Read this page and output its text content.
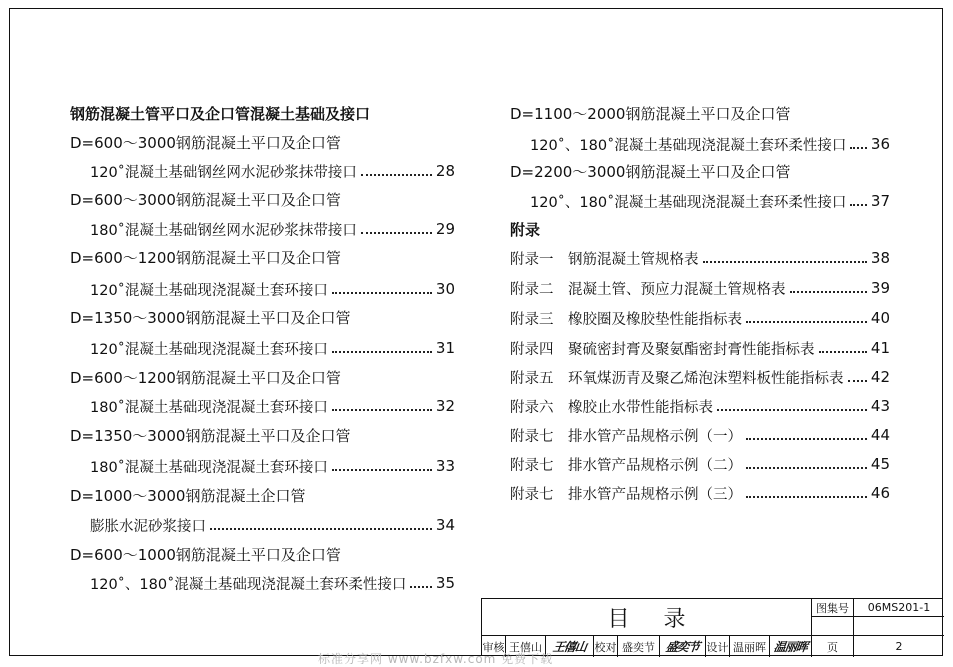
钢筋混凝土管平口及企口管混凝土基础及接口
D=600～3000钢筋混凝土平口及企口管
120˚混凝土基础钢丝网水泥砂浆抹带接口	28
D=600～3000钢筋混凝土平口及企口管
180˚混凝土基础钢丝网水泥砂浆抹带接口	29
D=600～1200钢筋混凝土平口及企口管
120˚混凝土基础现浇混凝土套环接口	30
D=1350～3000钢筋混凝土平口及企口管
120˚混凝土基础现浇混凝土套环接口	31
D=600～1200钢筋混凝土平口及企口管
180˚混凝土基础现浇混凝土套环接口	32
D=1350～3000钢筋混凝土平口及企口管
180˚混凝土基础现浇混凝土套环接口	33
D=1000～3000钢筋混凝土企口管
膨胀水泥砂浆接口	34
D=600～1000钢筋混凝土平口及企口管
120˚、180˚混凝土基础现浇混凝土套环柔性接口 35
D=1100～2000钢筋混凝土平口及企口管
120˚、180˚混凝土基础现浇混凝土套环柔性接口 36
D=2200～3000钢筋混凝土平口及企口管
120˚、180˚混凝土基础现浇混凝土套环柔性接口 37
附录
附录一　钢筋混凝土管规格表	38
附录二　混凝土管、预应力混凝土管规格表	39
附录三　橡胶圈及橡胶垫性能指标表	40
附录四　聚硫密封膏及聚氨酯密封膏性能指标表	41
附录五　环氧煤沥青及聚乙烯泡沫塑料板性能指标表 42
附录六　橡胶止水带性能指标表	43
附录七　排水管产品规格示例（一）	44
附录七　排水管产品规格示例（二）	45
附录七　排水管产品规格示例（三）	46
目录	图集号	06MS201-1
审核 王僖山 王僖山 校对 盛奕节 盛奕节 设计 温丽晖 温丽晖	页	2
标准分享网 www.bzfxw.com 免费下载
